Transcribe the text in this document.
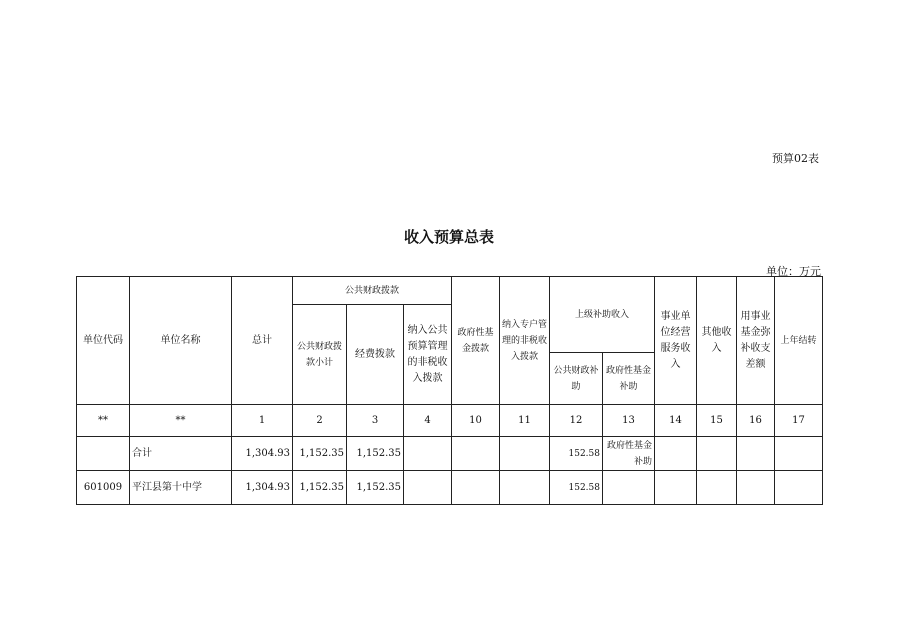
预算02表
收入预算总表
单位：万元
单位代码	单位名称	总计	公共财政拨款			政府性基金拨款	纳入专户管理的非税收入拨款	上级补助收入		事业单位经营服务收入	其他收入	用事业基金弥补收支差额	上年结转
			公共财政拨款小计	经费拨款	纳入公共预算管理的非税收入拨款								
								公共财政补助	政府性基金补助				
**	**	1	2	3	4	10	11	12	13	14	15	16	17
	合计	1,304.93	1,152.35	1,152.35				152.58	政府性基金补助				
601009	平江县第十中学	1,304.93	1,152.35	1,152.35				152.58					
